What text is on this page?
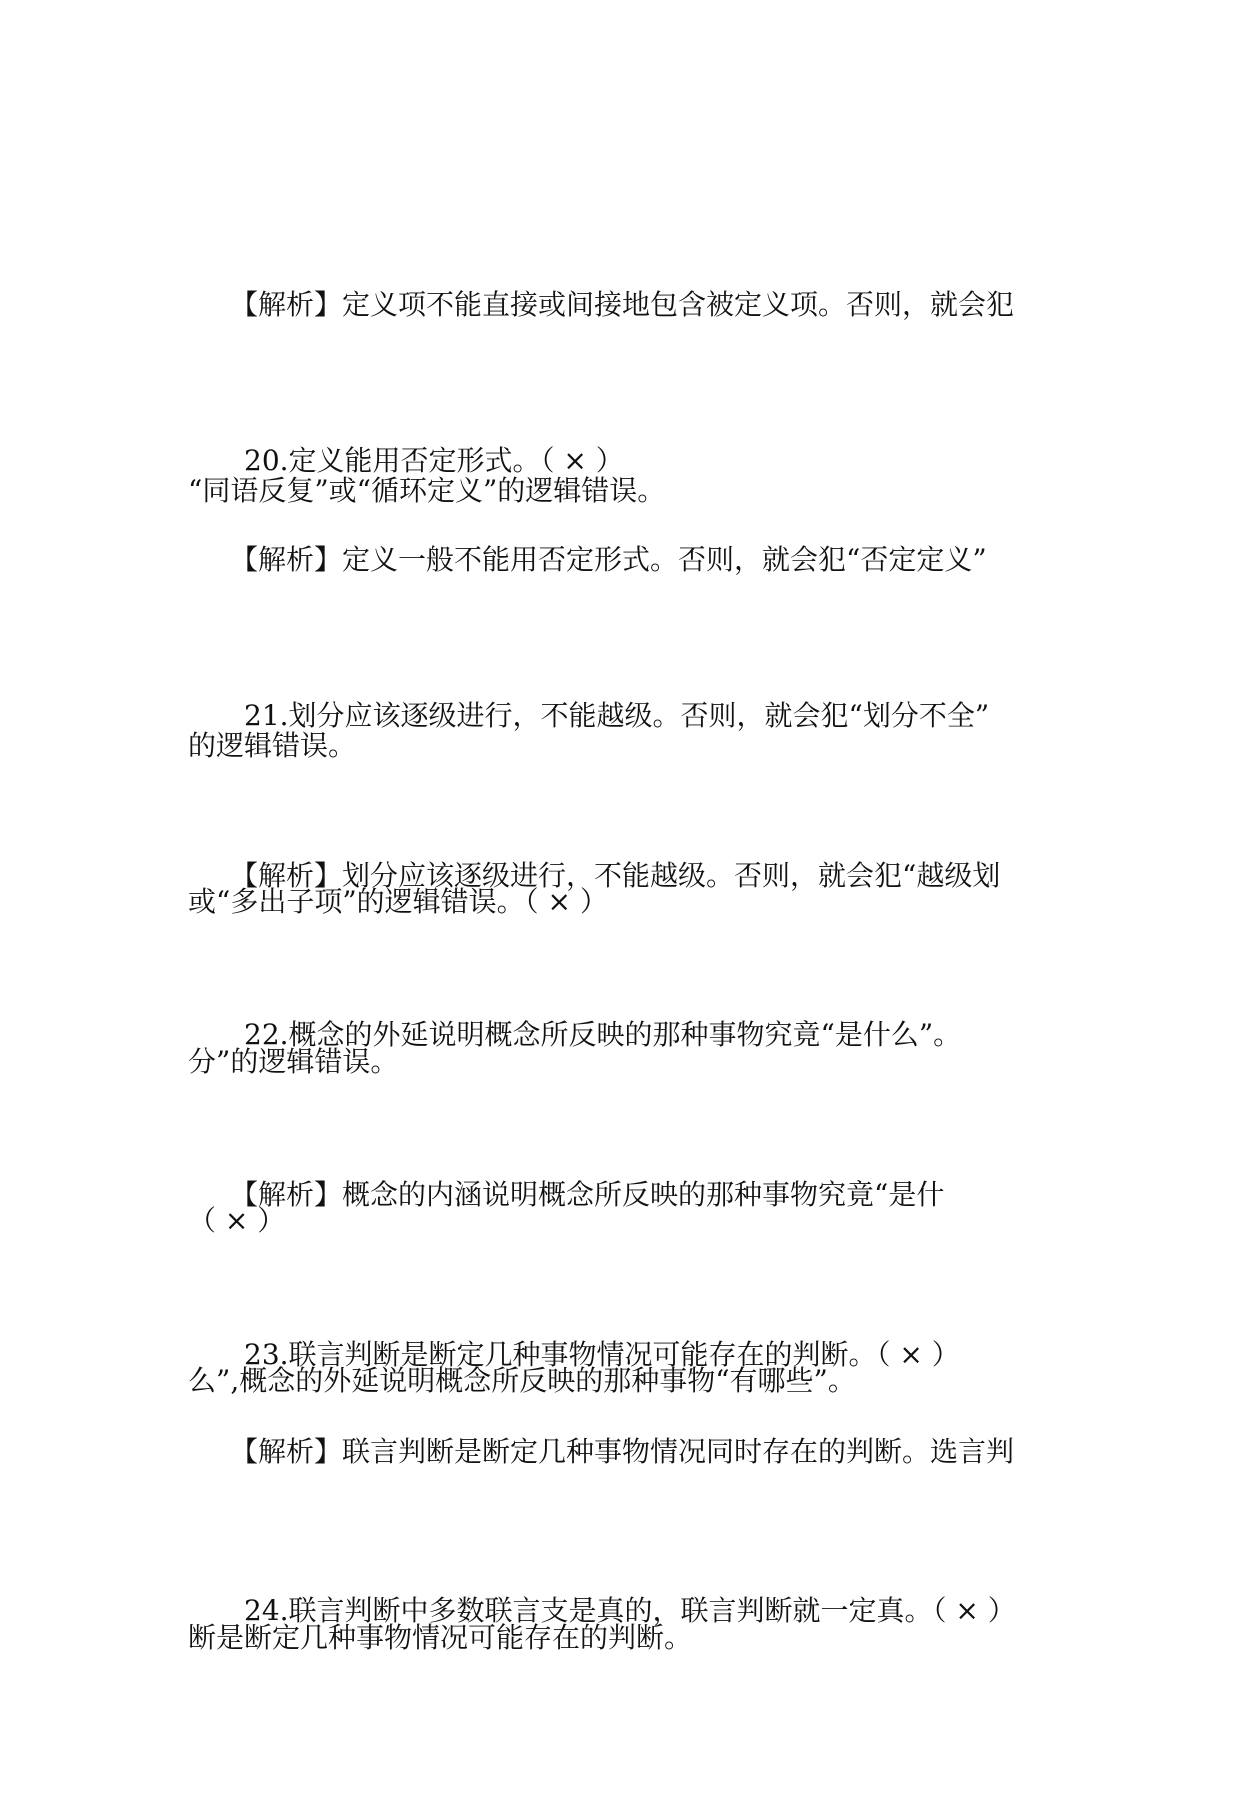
　　【解析】定义项不能直接或间接地包含被定义项。否则，就会犯

“同语反复”或“循环定义”的逻辑错误。

　　20.定义能用否定形式。（ × ）

　　【解析】定义一般不能用否定形式。否则，就会犯“否定定义”

的逻辑错误。

　　21.划分应该逐级进行，不能越级。否则，就会犯“划分不全”

或“多出子项”的逻辑错误。（ × ）

　　【解析】划分应该逐级进行，不能越级。否则，就会犯“越级划

分”的逻辑错误。

　　22.概念的外延说明概念所反映的那种事物究竟“是什么”。

（ × ）

　　【解析】概念的内涵说明概念所反映的那种事物究竟“是什

么”,概念的外延说明概念所反映的那种事物“有哪些”。

　　23.联言判断是断定几种事物情况可能存在的判断。（ × ）

　　【解析】联言判断是断定几种事物情况同时存在的判断。选言判

断是断定几种事物情况可能存在的判断。

　　24.联言判断中多数联言支是真的，联言判断就一定真。（ × ）
